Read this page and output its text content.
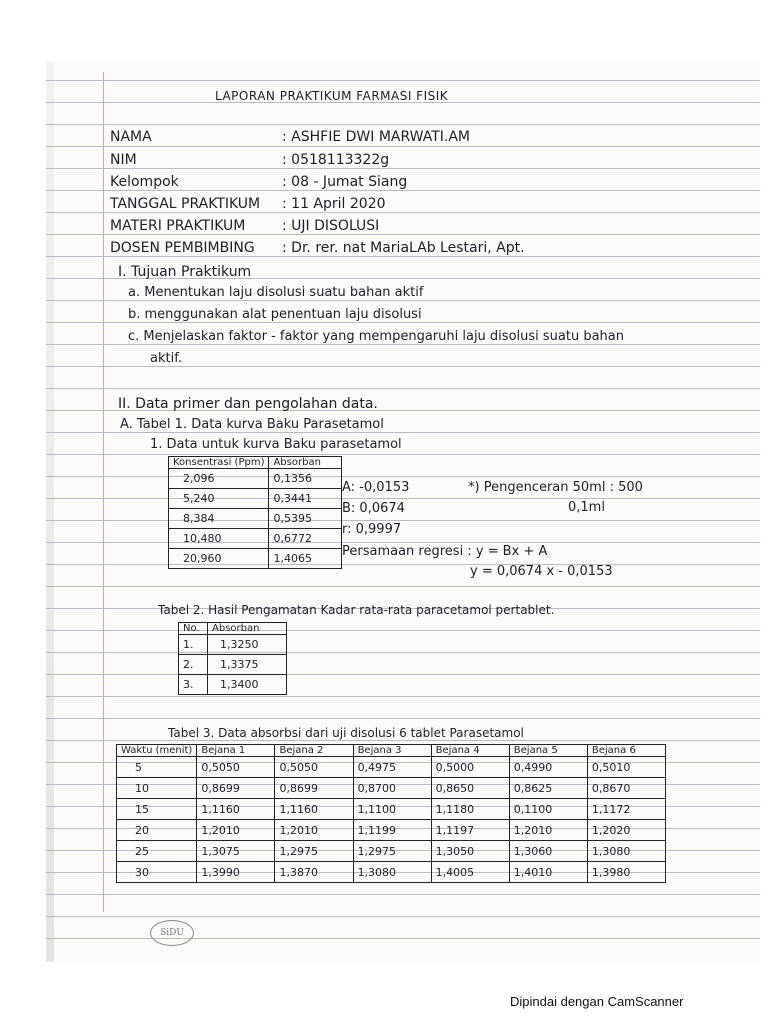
LAPORAN PRAKTIKUM FARMASI FISIK
NAMA	: ASHFIE DWI MARWATI.AM
NIM	: 0518113322g
Kelompok	: 08 - Jumat Siang
TANGGAL PRAKTIKUM : 11 April 2020
MATERI PRAKTIKUM	: UJI DISOLUSI
DOSEN PEMBIMBING : Dr. rer. nat MariaLAb Lestari, Apt.
I. Tujuan Praktikum
a. Menentukan laju disolusi suatu bahan aktif
b. menggunakan alat penentuan laju disolusi
c. Menjelaskan faktor - faktor yang mempengaruhi laju disolusi suatu bahan
aktif.
II. Data primer dan pengolahan data.
A. Tabel 1. Data kurva Baku Parasetamol
1. Data untuk kurva Baku parasetamol
Konsentrasi (Ppm)	Absorban
2,096	0,1356
5,240	0,3441
8,384	0,5395
10,480	0,6772
20,960	1,4065
A: -0,0153
B: 0,0674
r: 0,9997
Persamaan regresi : y = Bx + A
y = 0,0674 x - 0,0153
*) Pengenceran 50ml : 500
0,1ml
Tabel 2. Hasil Pengamatan Kadar rata-rata paracetamol pertablet.
No.	Absorban
1.	1,3250
2.	1,3375
3.	1,3400
Tabel 3. Data absorbsi dari uji disolusi 6 tablet Parasetamol
Waktu (menit)	Bejana 1	Bejana 2	Bejana 3	Bejana 4	Bejana 5	Bejana 6
5	0,5050	0,5050	0,4975	0,5000	0,4990	0,5010
10	0,8699	0,8699	0,8700	0,8650	0,8625	0,8670
15	1,1160	1,1160	1,1100	1,1180	0,1100	1,1172
20	1,2010	1,2010	1,1199	1,1197	1,2010	1,2020
25	1,3075	1,2975	1,2975	1,3050	1,3060	1,3080
30	1,3990	1,3870	1,3080	1,4005	1,4010	1,3980
SiDU
Dipindai dengan CamScanner
